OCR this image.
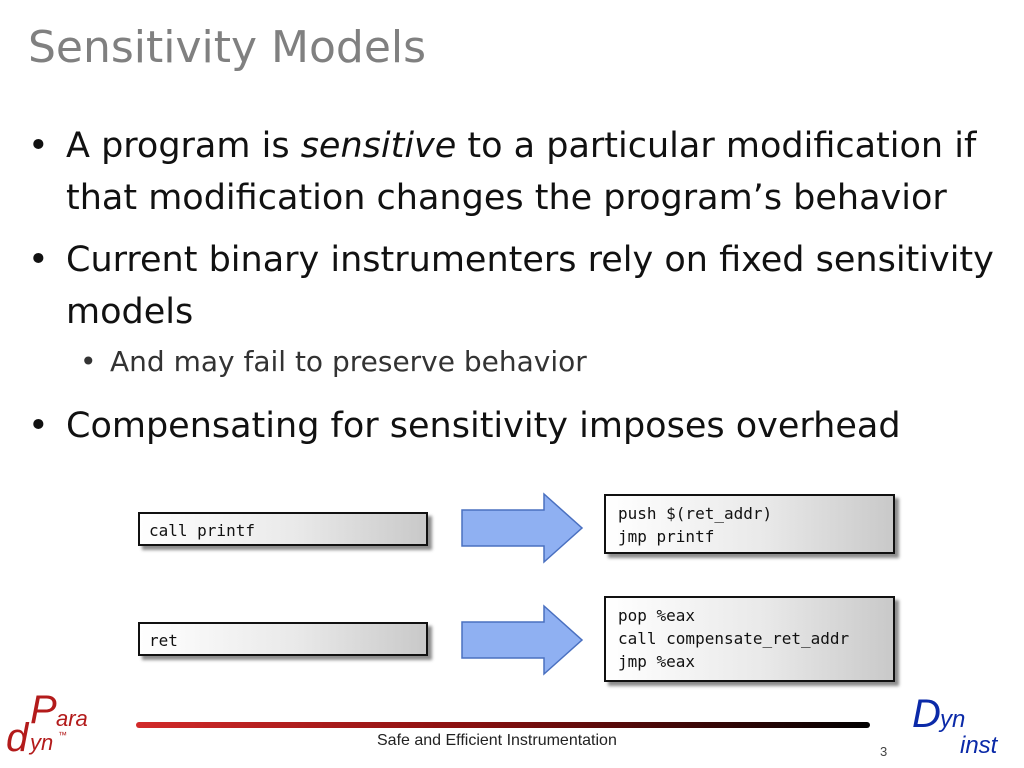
Sensitivity Models
• A program is sensitive to a particular modification if that modification changes the program’s behavior
• Current binary instrumenters rely on fixed sensitivity models
• And may fail to preserve behavior
• Compensating for sensitivity imposes overhead
call printf
push $(ret_addr)
jmp printf
ret
pop %eax
call compensate_ret_addr
jmp %eax
P ara
d yn ™	Safe and Efficient Instrumentation
3
D yn
inst
